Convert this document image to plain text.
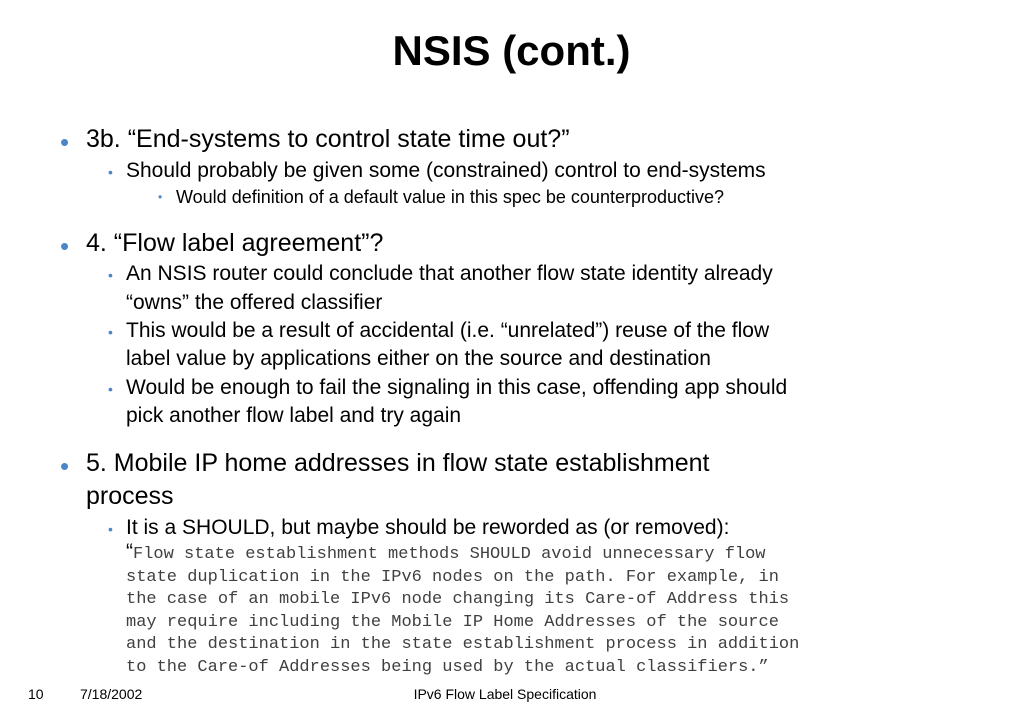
NSIS (cont.)
• 3b. “End-systems to control state time out?”
• Should probably be given some (constrained) control to end-systems
• Would definition of a default value in this spec be counterproductive?
• 4. “Flow label agreement”?
• An NSIS router could conclude that another flow state identity already
“owns” the offered classifier
• This would be a result of accidental (i.e. “unrelated”) reuse of the flow
label value by applications either on the source and destination
• Would be enough to fail the signaling in this case, offending app should
pick another flow label and try again
• 5. Mobile IP home addresses in flow state establishment
process
• It is a SHOULD, but maybe should be reworded as (or removed):
“Flow state establishment methods SHOULD avoid unnecessary flow
state duplication in the IPv6 nodes on the path. For example, in
the case of an mobile IPv6 node changing its Care-of Address this
may require including the Mobile IP Home Addresses of the source
and the destination in the state establishment process in addition
to the Care-of Addresses being used by the actual classifiers.”
10	7/18/2002	IPv6 Flow Label Specification
